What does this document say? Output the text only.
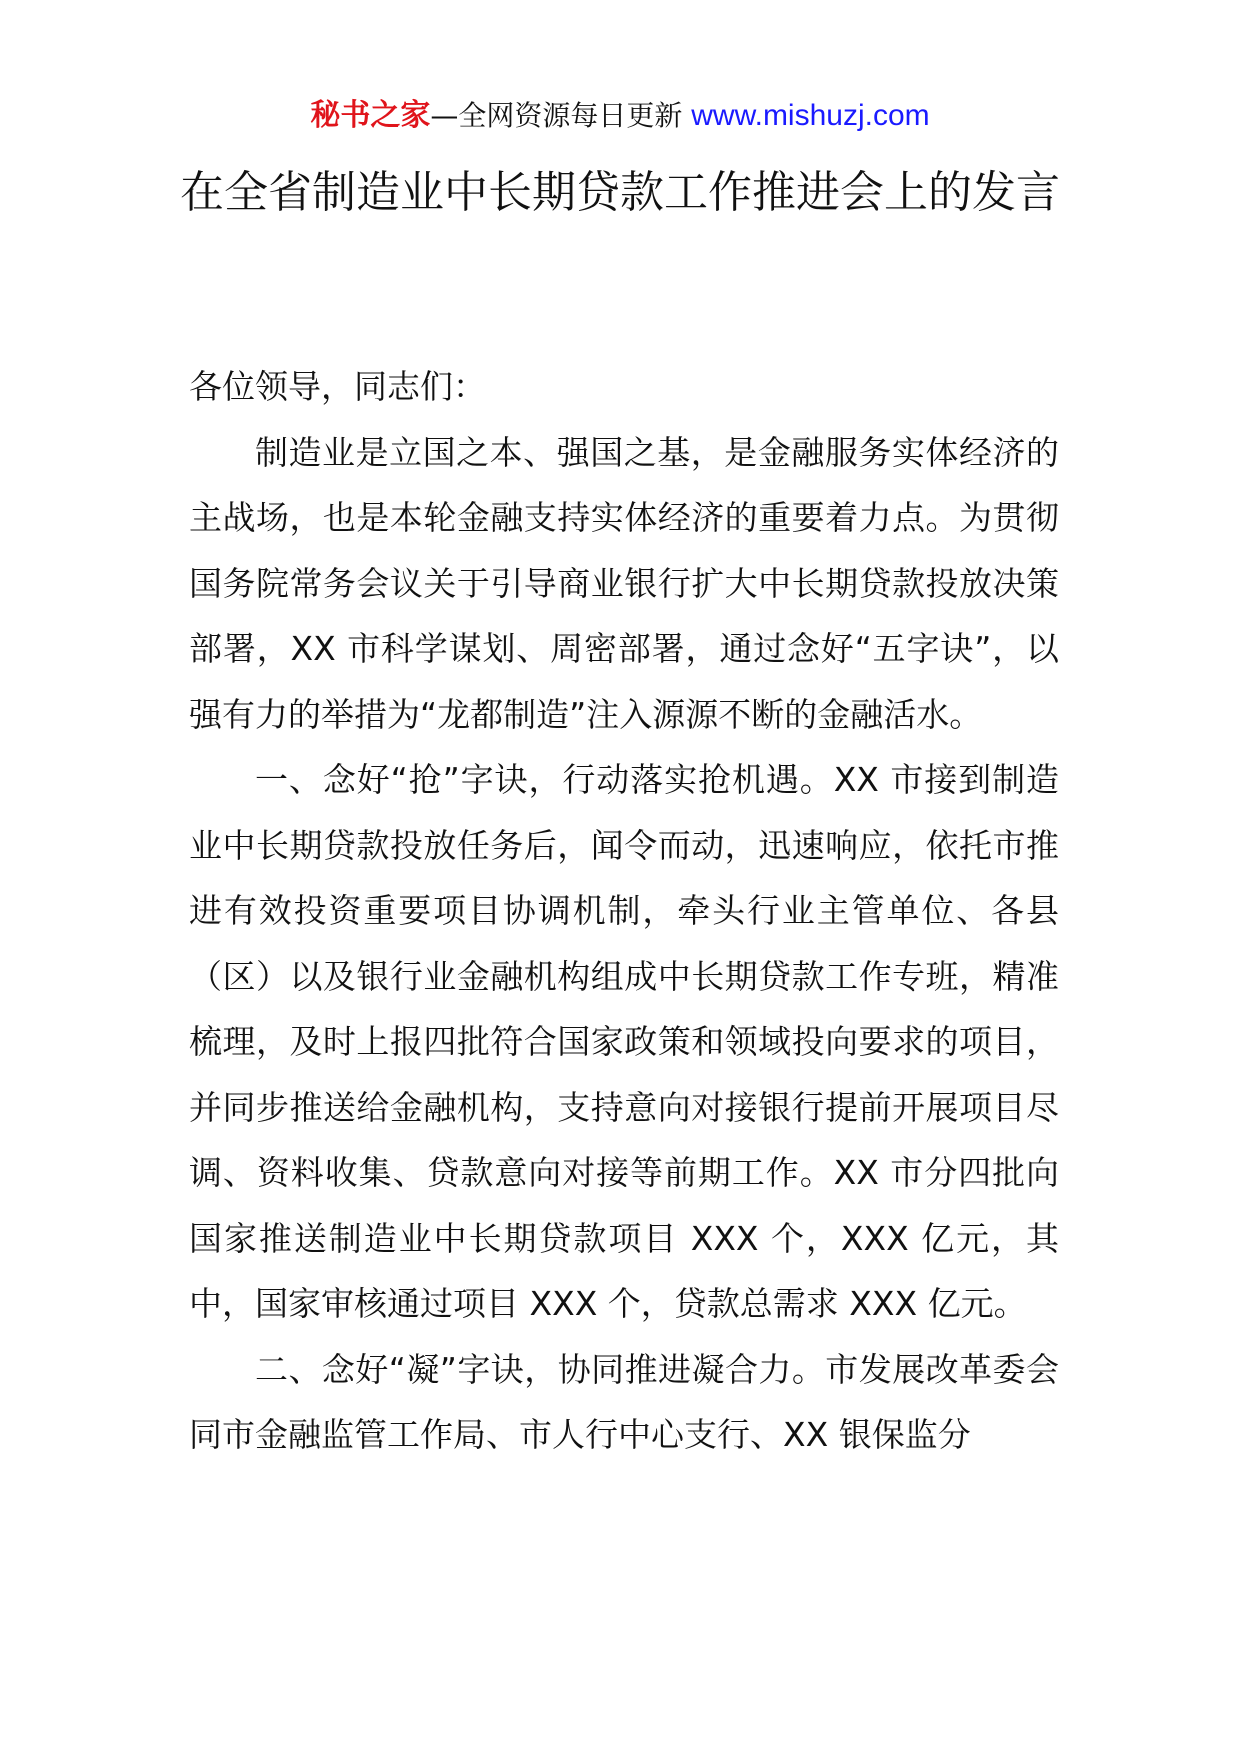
秘书之家—全网资源每日更新 www.mishuzj.com
在全省制造业中长期贷款工作推进会上的发言

各位领导，同志们：

制造业是立国之本、强国之基，是金融服务实体经济的主战场，也是本轮金融支持实体经济的重要着力点。为贯彻国务院常务会议关于引导商业银行扩大中长期贷款投放决策部署，XX 市科学谋划、周密部署，通过念好“五字诀”，以强有力的举措为“龙都制造”注入源源不断的金融活水。

一、念好“抢”字诀，行动落实抢机遇。XX 市接到制造业中长期贷款投放任务后，闻令而动，迅速响应，依托市推进有效投资重要项目协调机制，牵头行业主管单位、各县（区）以及银行业金融机构组成中长期贷款工作专班，精准梳理，及时上报四批符合国家政策和领域投向要求的项目，并同步推送给金融机构，支持意向对接银行提前开展项目尽调、资料收集、贷款意向对接等前期工作。XX 市分四批向国家推送制造业中长期贷款项目 XXX 个，XXX 亿元，其中，国家审核通过项目 XXX 个，贷款总需求 XXX 亿元。

二、念好“凝”字诀，协同推进凝合力。市发展改革委会同市金融监管工作局、市人行中心支行、XX 银保监分
